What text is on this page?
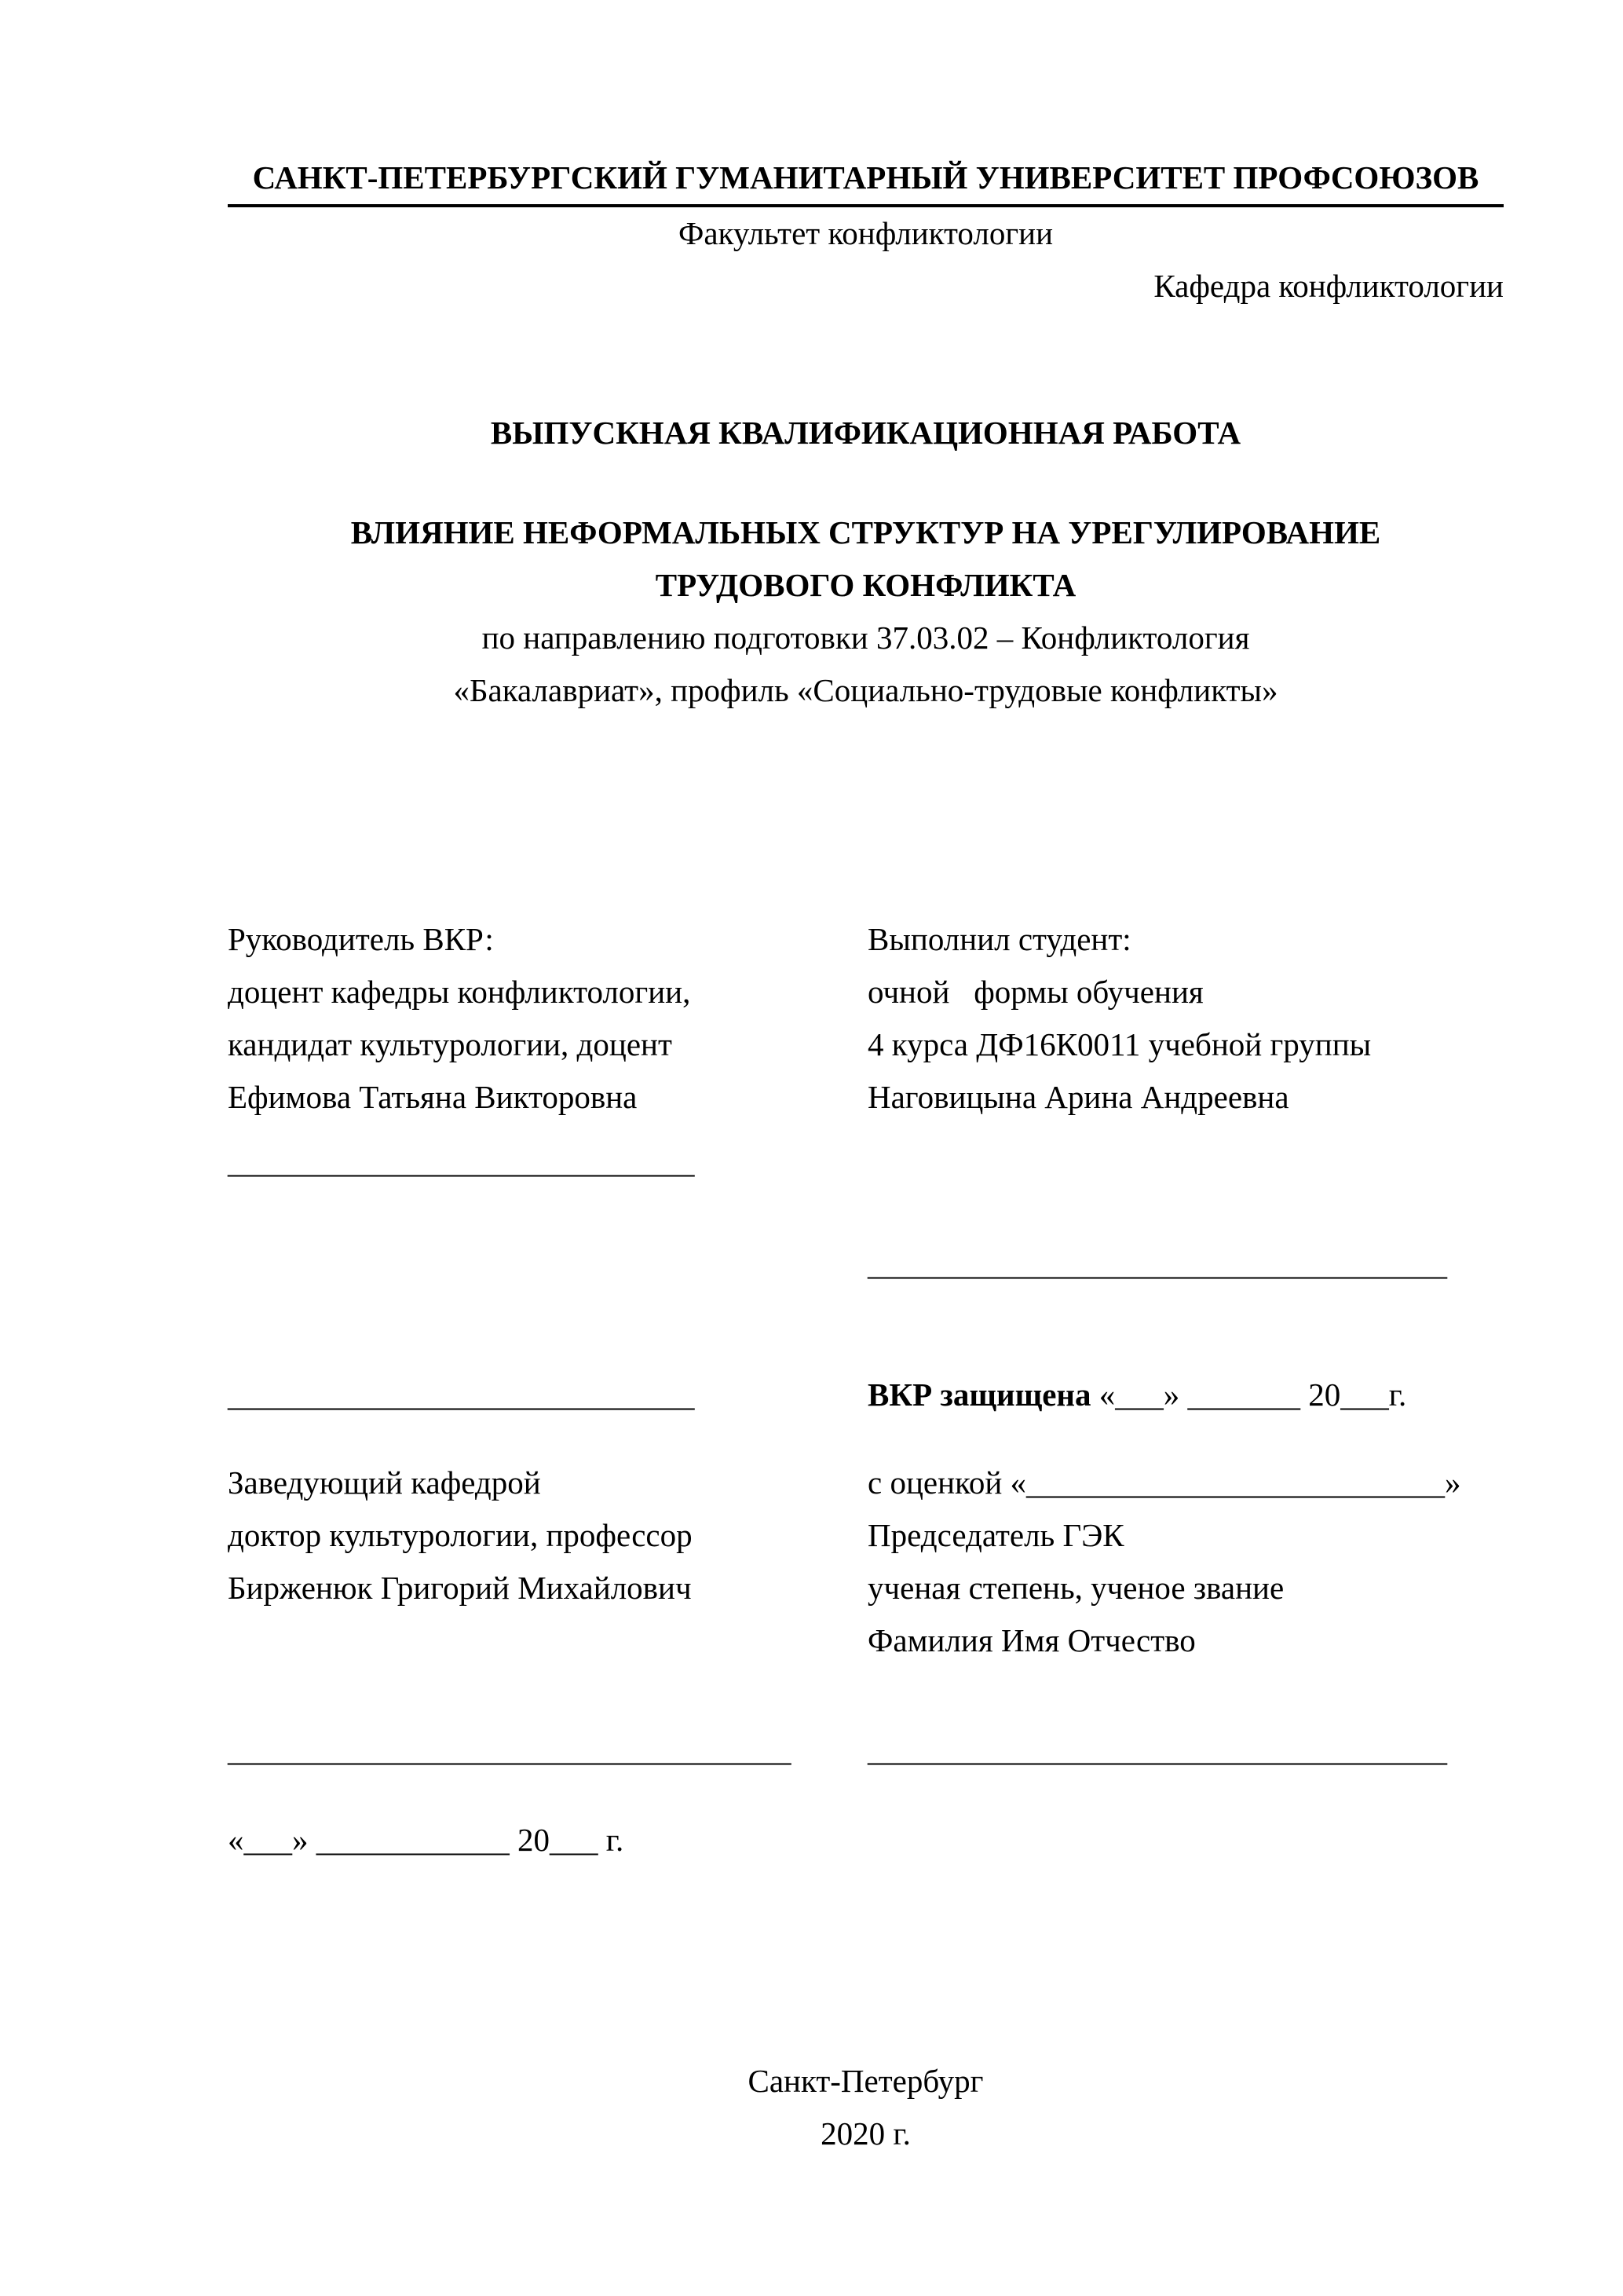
САНКТ-ПЕТЕРБУРГСКИЙ ГУМАНИТАРНЫЙ УНИВЕРСИТЕТ ПРОФСОЮЗОВ
Факультет конфликтологии
Кафедра конфликтологии
ВЫПУСКНАЯ КВАЛИФИКАЦИОННАЯ РАБОТА
ВЛИЯНИЕ НЕФОРМАЛЬНЫХ СТРУКТУР НА УРЕГУЛИРОВАНИЕ
ТРУДОВОГО КОНФЛИКТА
по направлению подготовки 37.03.02 – Конфликтология
«Бакалавриат», профиль «Социально-трудовые конфликты»
Руководитель ВКР:
доцент кафедры конфликтологии,
кандидат культурологии, доцент
Ефимова Татьяна Викторовна
_____________________________
Выполнил студент:
очной   формы обучения
4 курса ДФ16К0011 учебной группы
Наговицына Арина Андреевна
____________________________________
_____________________________	ВКР защищена «___» _______ 20___г.
Заведующий кафедрой
доктор культурологии, профессор
Бирженюк Григорий Михайлович
с оценкой «__________________________»
Председатель ГЭК
ученая степень, ученое звание
Фамилия Имя Отчество
___________________________________	____________________________________
«___» ____________ 20___ г.
Санкт-Петербург
2020 г.
